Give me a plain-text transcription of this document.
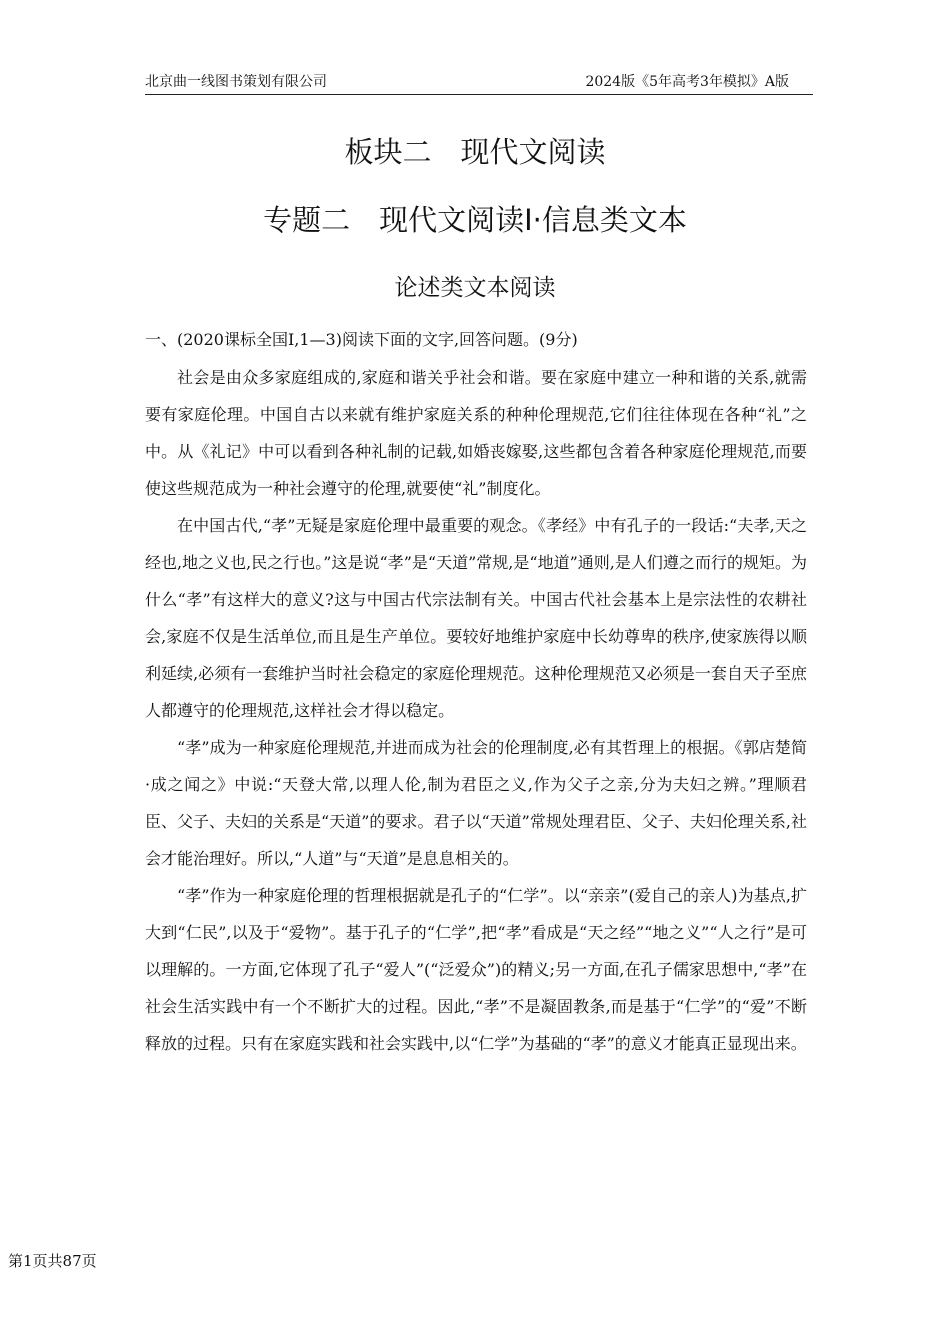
北京曲一线图书策划有限公司	2024版《5年高考3年模拟》A版
板块二　现代文阅读
专题二　现代文阅读Ⅰ·信息类文本
论述类文本阅读
一、(2020课标全国Ⅰ,1—3)阅读下面的文字,回答问题。(9分)

社会是由众多家庭组成的,家庭和谐关乎社会和谐。要在家庭中建立一种和谐的关系,就需要有家庭伦理。中国自古以来就有维护家庭关系的种种伦理规范,它们往往体现在各种“礼”之中。从《礼记》中可以看到各种礼制的记载,如婚丧嫁娶,这些都包含着各种家庭伦理规范,而要使这些规范成为一种社会遵守的伦理,就要使“礼”制度化。

在中国古代,“孝”无疑是家庭伦理中最重要的观念。《孝经》中有孔子的一段话:“夫孝,天之经也,地之义也,民之行也。”这是说“孝”是“天道”常规,是“地道”通则,是人们遵之而行的规矩。为什么“孝”有这样大的意义?这与中国古代宗法制有关。中国古代社会基本上是宗法性的农耕社会,家庭不仅是生活单位,而且是生产单位。要较好地维护家庭中长幼尊卑的秩序,使家族得以顺利延续,必须有一套维护当时社会稳定的家庭伦理规范。这种伦理规范又必须是一套自天子至庶人都遵守的伦理规范,这样社会才得以稳定。

“孝”成为一种家庭伦理规范,并进而成为社会的伦理制度,必有其哲理上的根据。《郭店楚简·成之闻之》中说:“天登大常,以理人伦,制为君臣之义,作为父子之亲,分为夫妇之辨。”理顺君臣、父子、夫妇的关系是“天道”的要求。君子以“天道”常规处理君臣、父子、夫妇伦理关系,社会才能治理好。所以,“人道”与“天道”是息息相关的。

“孝”作为一种家庭伦理的哲理根据就是孔子的“仁学”。以“亲亲”(爱自己的亲人)为基点,扩大到“仁民”,以及于“爱物”。基于孔子的“仁学”,把“孝”看成是“天之经”“地之义”“人之行”是可以理解的。一方面,它体现了孔子“爱人”(“泛爱众”)的精义;另一方面,在孔子儒家思想中,“孝”在社会生活实践中有一个不断扩大的过程。因此,“孝”不是凝固教条,而是基于“仁学”的“爱”不断释放的过程。只有在家庭实践和社会实践中,以“仁学”为基础的“孝”的意义才能真正显现出来。

第1页共87页
